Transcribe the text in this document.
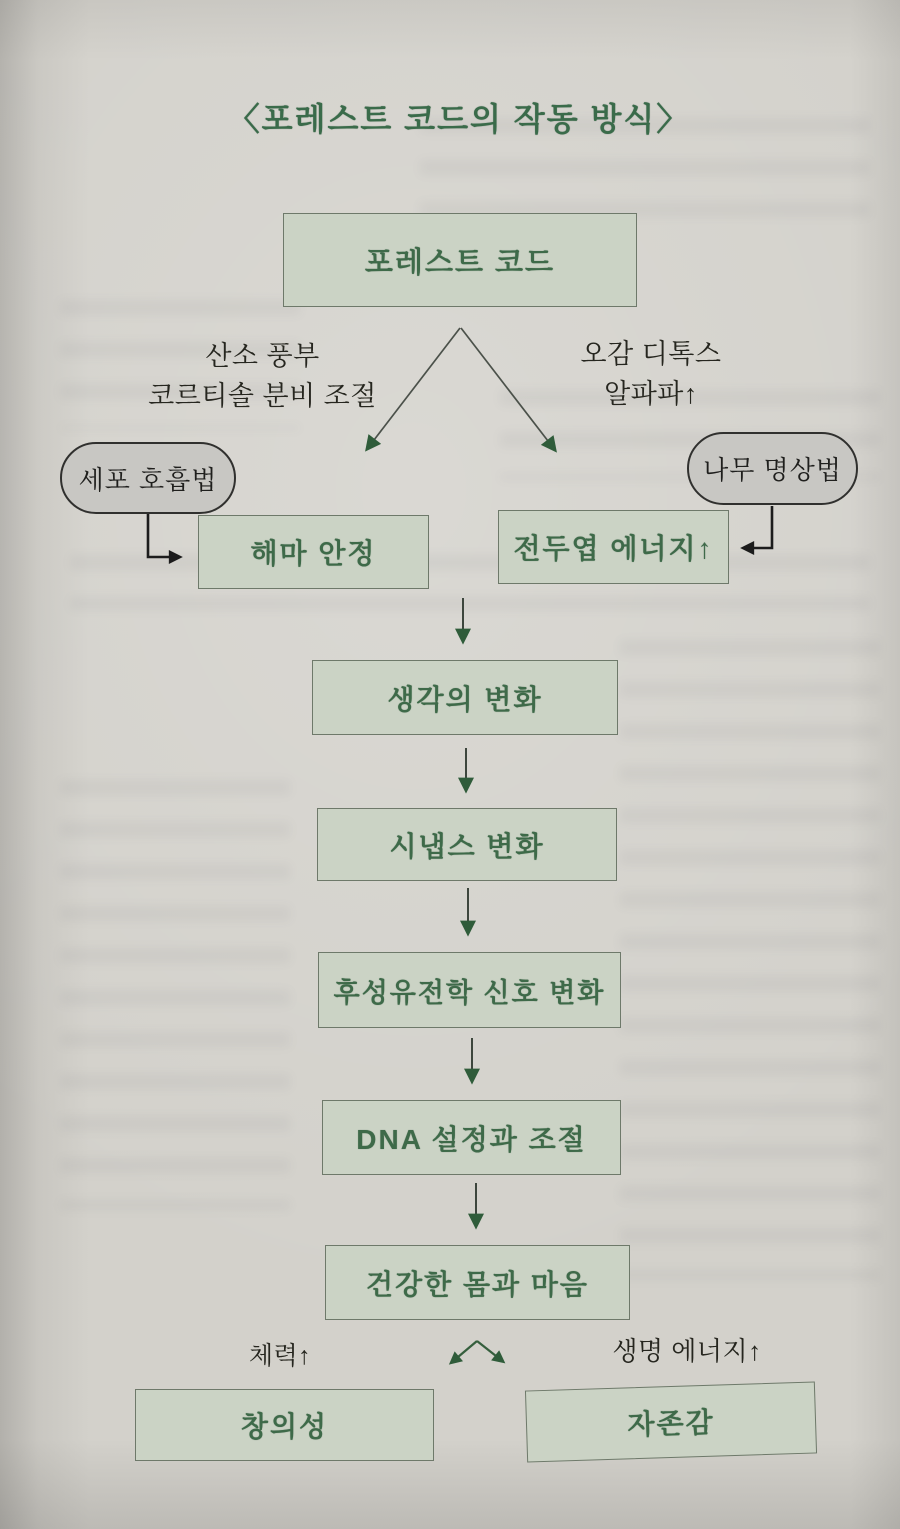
〈포레스트 코드의 작동 방식〉
포레스트 코드
산소 풍부
코르티솔 분비 조절
오감 디톡스
알파파↑
세포 호흡법	나무 명상법
해마 안정	전두엽 에너지↑
생각의 변화
시냅스 변화
후성유전학 신호 변화
DNA 설정과 조절
건강한 몸과 마음
체력↑	생명 에너지↑
창의성	자존감
